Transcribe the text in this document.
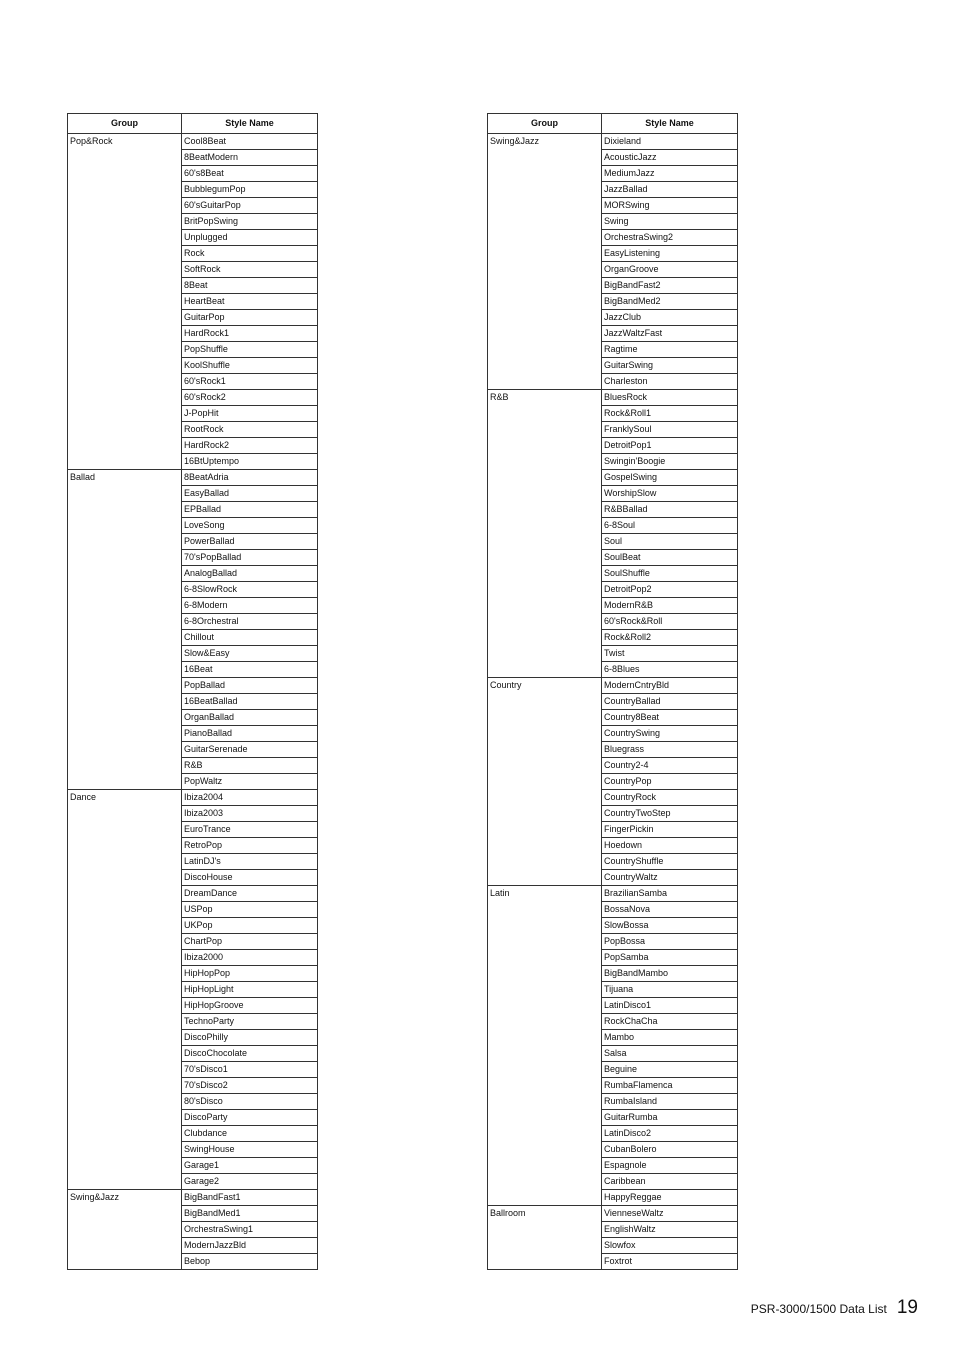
Group	Style Name
Pop&Rock	Cool8Beat
	8BeatModern
	60's8Beat
	BubblegumPop
	60'sGuitarPop
	BritPopSwing
	Unplugged
	Rock
	SoftRock
	8Beat
	HeartBeat
	GuitarPop
	HardRock1
	PopShuffle
	KoolShuffle
	60'sRock1
	60'sRock2
	J-PopHit
	RootRock
	HardRock2
	16BtUptempo
Ballad	8BeatAdria
	EasyBallad
	EPBallad
	LoveSong
	PowerBallad
	70'sPopBallad
	AnalogBallad
	6-8SlowRock
	6-8Modern
	6-8Orchestral
	Chillout
	Slow&Easy
	16Beat
	PopBallad
	16BeatBallad
	OrganBallad
	PianoBallad
	GuitarSerenade
	R&B
	PopWaltz
Dance	Ibiza2004
	Ibiza2003
	EuroTrance
	RetroPop
	LatinDJ's
	DiscoHouse
	DreamDance
	USPop
	UKPop
	ChartPop
	Ibiza2000
	HipHopPop
	HipHopLight
	HipHopGroove
	TechnoParty
	DiscoPhilly
	DiscoChocolate
	70'sDisco1
	70'sDisco2
	80'sDisco
	DiscoParty
	Clubdance
	SwingHouse
	Garage1
	Garage2
Swing&Jazz	BigBandFast1
	BigBandMed1
	OrchestraSwing1
	ModernJazzBld
	Bebop
Group	Style Name
Swing&Jazz	Dixieland
	AcousticJazz
	MediumJazz
	JazzBallad
	MORSwing
	Swing
	OrchestraSwing2
	EasyListening
	OrganGroove
	BigBandFast2
	BigBandMed2
	JazzClub
	JazzWaltzFast
	Ragtime
	GuitarSwing
	Charleston
R&B	BluesRock
	Rock&Roll1
	FranklySoul
	DetroitPop1
	Swingin'Boogie
	GospelSwing
	WorshipSlow
	R&BBallad
	6-8Soul
	Soul
	SoulBeat
	SoulShuffle
	DetroitPop2
	ModernR&B
	60'sRock&Roll
	Rock&Roll2
	Twist
	6-8Blues
Country	ModernCntryBld
	CountryBallad
	Country8Beat
	CountrySwing
	Bluegrass
	Country2-4
	CountryPop
	CountryRock
	CountryTwoStep
	FingerPickin
	Hoedown
	CountryShuffle
	CountryWaltz
Latin	BrazilianSamba
	BossaNova
	SlowBossa
	PopBossa
	PopSamba
	BigBandMambo
	Tijuana
	LatinDisco1
	RockChaCha
	Mambo
	Salsa
	Beguine
	RumbaFlamenca
	RumbaIsland
	GuitarRumba
	LatinDisco2
	CubanBolero
	Espagnole
	Caribbean
	HappyReggae
Ballroom	VienneseWaltz
	EnglishWaltz
	Slowfox
	Foxtrot
PSR-3000/1500 Data List 19
